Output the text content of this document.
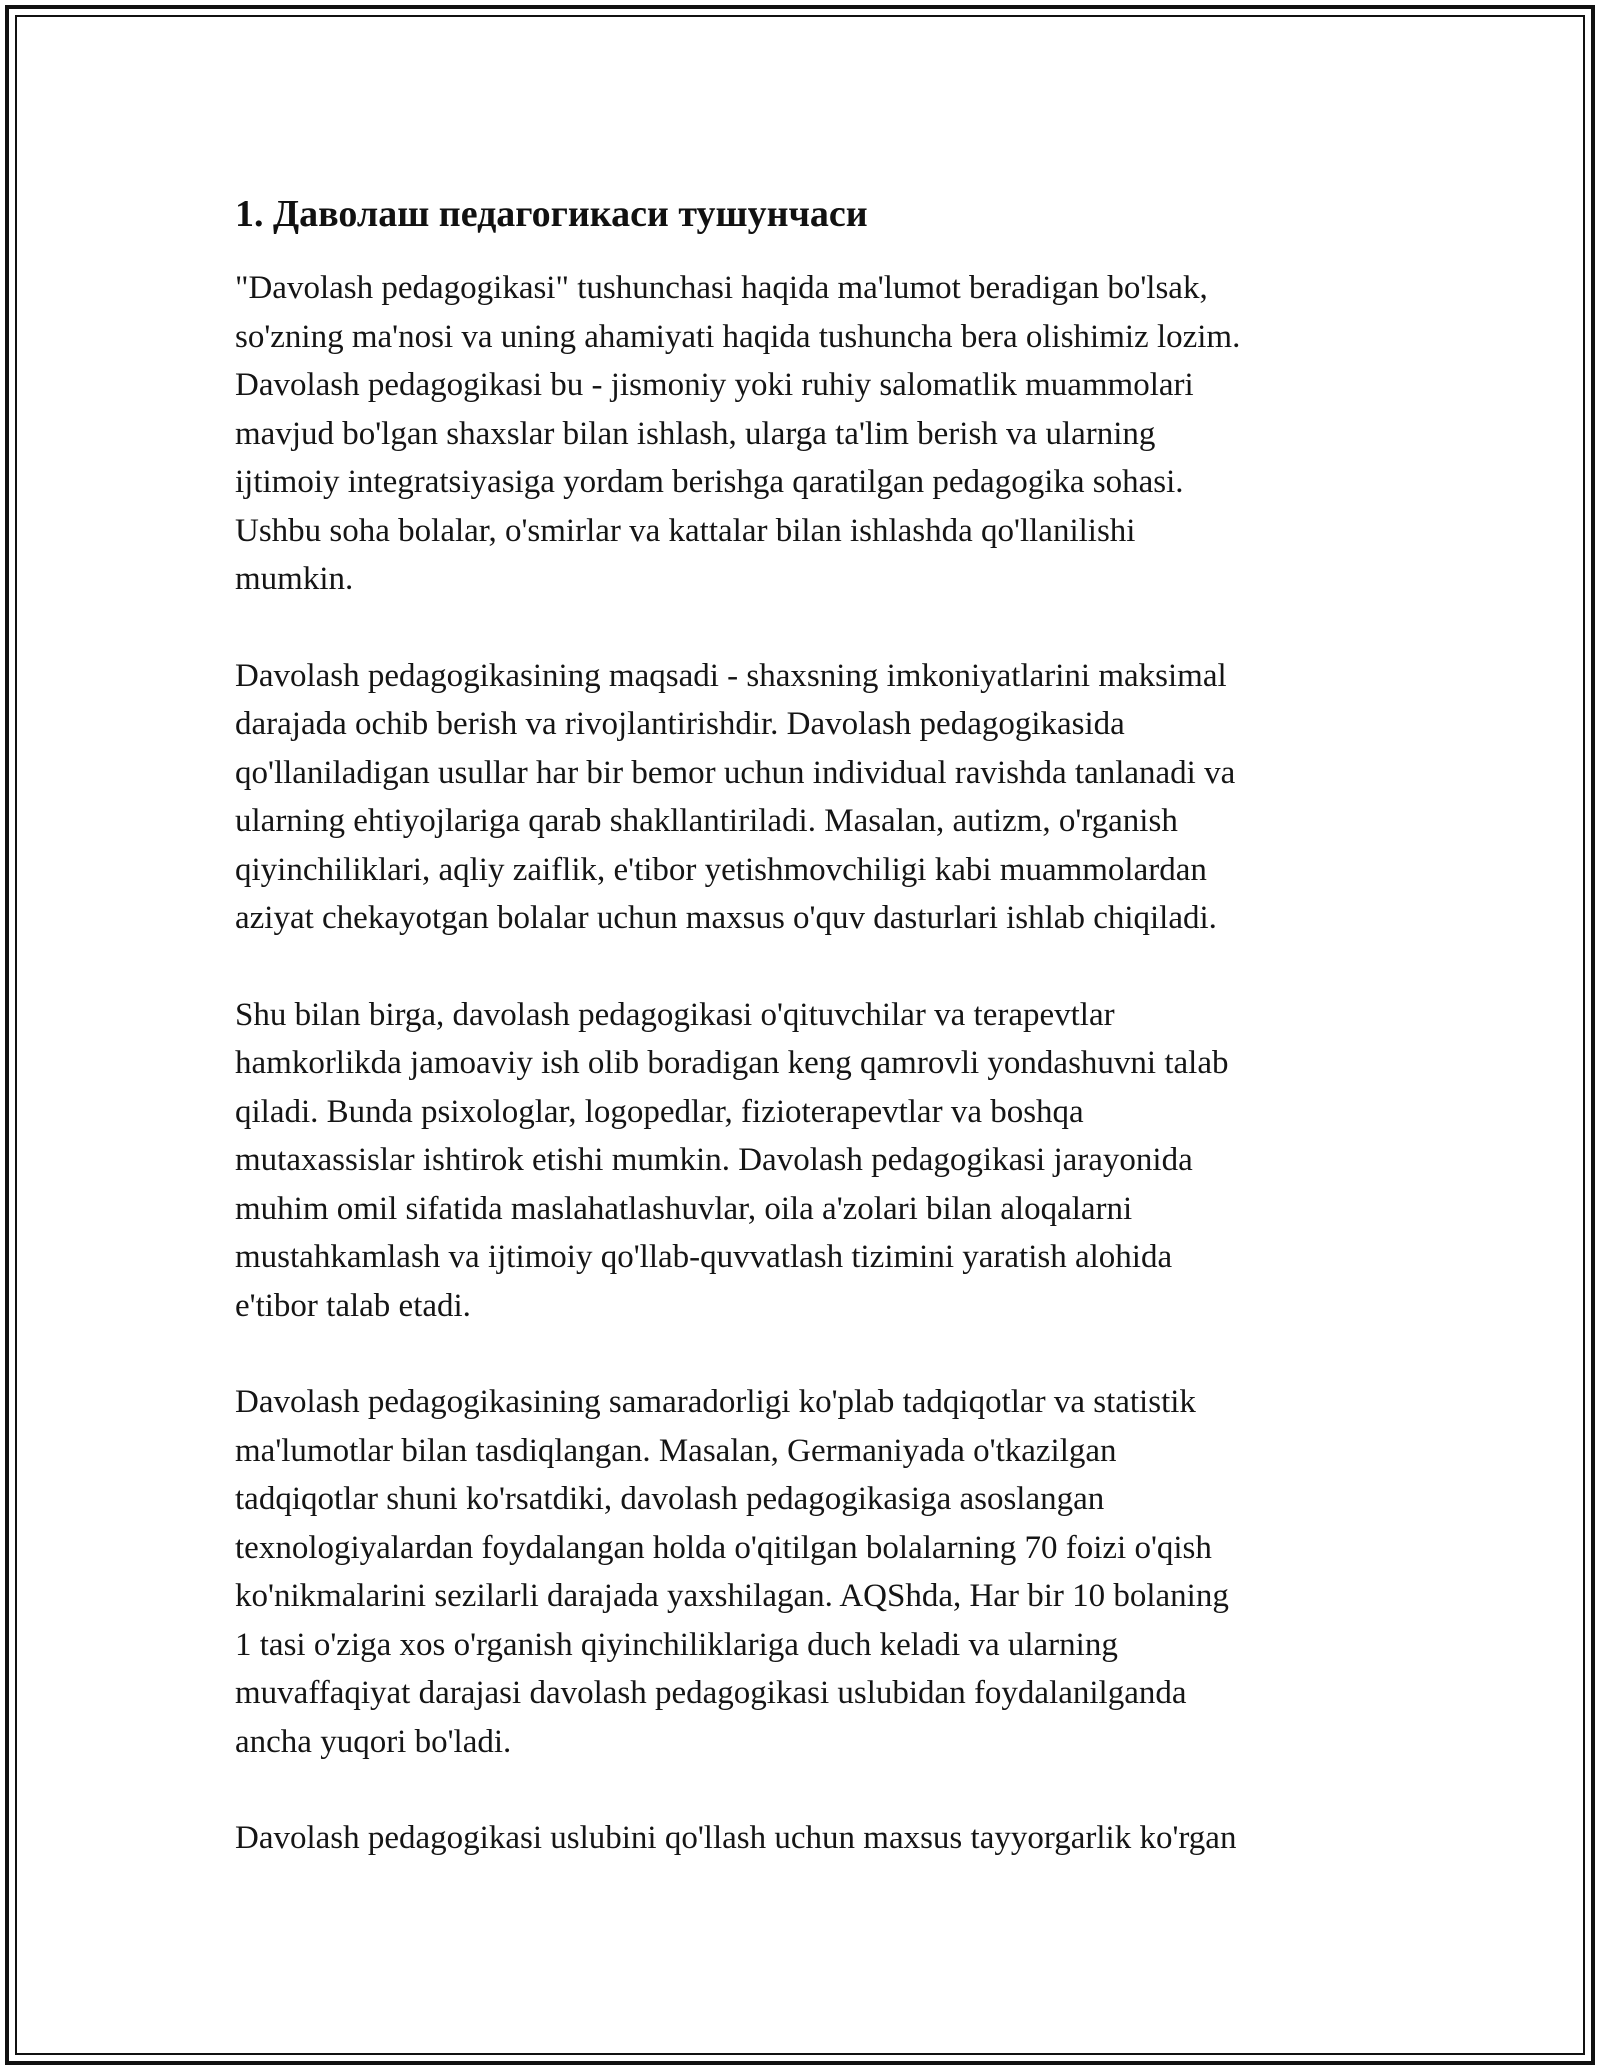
1. Даволаш педагогикаси тушунчаси

"Davolash pedagogikasi" tushunchasi haqida ma'lumot beradigan bo'lsak,
so'zning ma'nosi va uning ahamiyati haqida tushuncha bera olishimiz lozim.
Davolash pedagogikasi bu - jismoniy yoki ruhiy salomatlik muammolari
mavjud bo'lgan shaxslar bilan ishlash, ularga ta'lim berish va ularning
ijtimoiy integratsiyasiga yordam berishga qaratilgan pedagogika sohasi.
Ushbu soha bolalar, o'smirlar va kattalar bilan ishlashda qo'llanilishi
mumkin.

Davolash pedagogikasining maqsadi - shaxsning imkoniyatlarini maksimal
darajada ochib berish va rivojlantirishdir. Davolash pedagogikasida
qo'llaniladigan usullar har bir bemor uchun individual ravishda tanlanadi va
ularning ehtiyojlariga qarab shakllantiriladi. Masalan, autizm, o'rganish
qiyinchiliklari, aqliy zaiflik, e'tibor yetishmovchiligi kabi muammolardan
aziyat chekayotgan bolalar uchun maxsus o'quv dasturlari ishlab chiqiladi.

Shu bilan birga, davolash pedagogikasi o'qituvchilar va terapevtlar
hamkorlikda jamoaviy ish olib boradigan keng qamrovli yondashuvni talab
qiladi. Bunda psixologlar, logopedlar, fizioterapevtlar va boshqa
mutaxassislar ishtirok etishi mumkin. Davolash pedagogikasi jarayonida
muhim omil sifatida maslahatlashuvlar, oila a'zolari bilan aloqalarni
mustahkamlash va ijtimoiy qo'llab-quvvatlash tizimini yaratish alohida
e'tibor talab etadi.

Davolash pedagogikasining samaradorligi ko'plab tadqiqotlar va statistik
ma'lumotlar bilan tasdiqlangan. Masalan, Germaniyada o'tkazilgan
tadqiqotlar shuni ko'rsatdiki, davolash pedagogikasiga asoslangan
texnologiyalardan foydalangan holda o'qitilgan bolalarning 70 foizi o'qish
ko'nikmalarini sezilarli darajada yaxshilagan. AQShda, Har bir 10 bolaning
1 tasi o'ziga xos o'rganish qiyinchiliklariga duch keladi va ularning
muvaffaqiyat darajasi davolash pedagogikasi uslubidan foydalanilganda
ancha yuqori bo'ladi.

Davolash pedagogikasi uslubini qo'llash uchun maxsus tayyorgarlik ko'rgan
